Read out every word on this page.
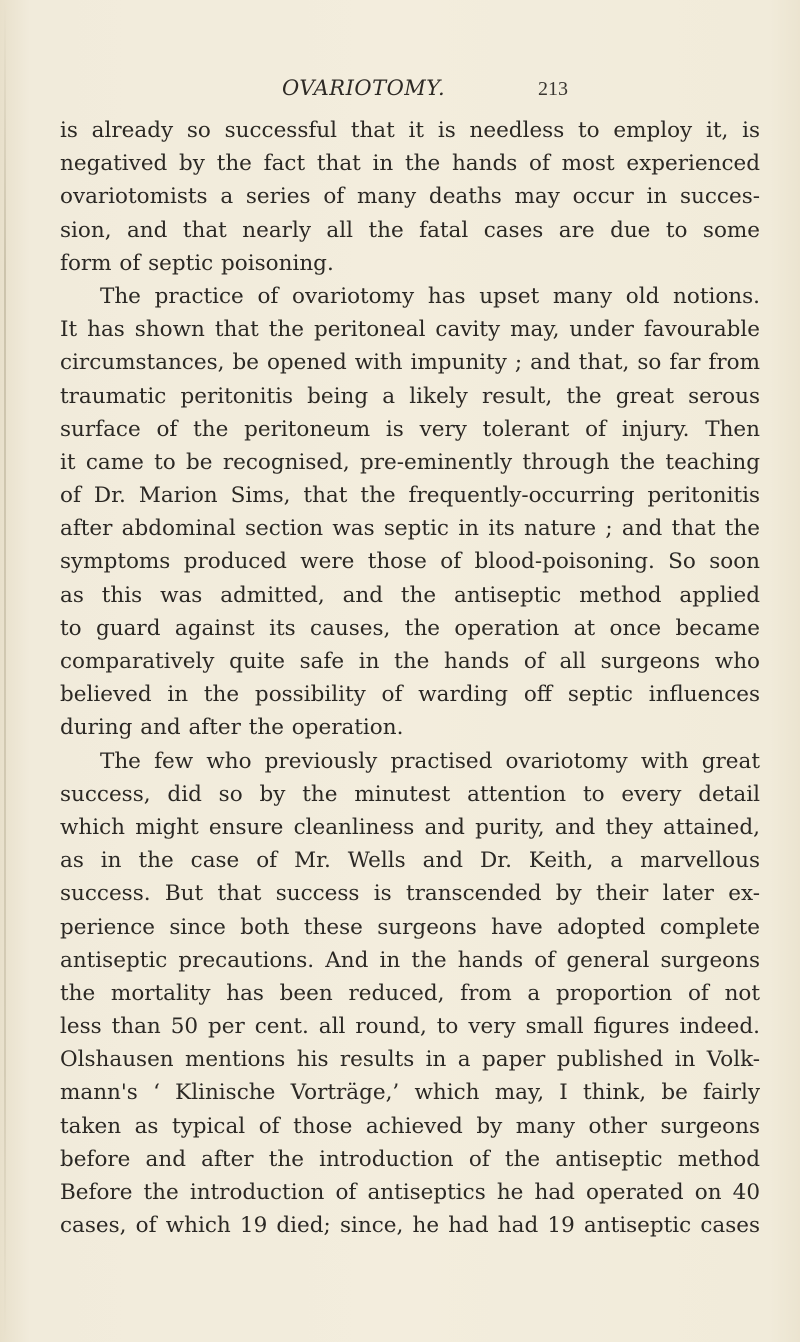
OVARIOTOMY.	213
is already so successful that it is needless to employ it, is
negatived by the fact that in the hands of most experienced
ovariotomists a series of many deaths may occur in succes-
sion, and that nearly all the fatal cases are due to some
form of septic poisoning.
The practice of ovariotomy has upset many old notions.
It has shown that the peritoneal cavity may, under favourable
circumstances, be opened with impunity ; and that, so far from
traumatic peritonitis being a likely result, the great serous
surface of the peritoneum is very tolerant of injury. Then
it came to be recognised, pre-eminently through the teaching
of Dr. Marion Sims, that the frequently-occurring peritonitis
after abdominal section was septic in its nature ; and that the
symptoms produced were those of blood-poisoning. So soon
as this was admitted, and the antiseptic method applied
to guard against its causes, the operation at once became
comparatively quite safe in the hands of all surgeons who
believed in the possibility of warding off septic influences
during and after the operation.
The few who previously practised ovariotomy with great
success, did so by the minutest attention to every detail
which might ensure cleanliness and purity, and they attained,
as in the case of Mr. Wells and Dr. Keith, a marvellous
success. But that success is transcended by their later ex-
perience since both these surgeons have adopted complete
antiseptic precautions. And in the hands of general surgeons
the mortality has been reduced, from a proportion of not
less than 50 per cent. all round, to very small figures indeed.
Olshausen mentions his results in a paper published in Volk-
mann's ‘ Klinische Vorträge,’ which may, I think, be fairly
taken as typical of those achieved by many other surgeons
before and after the introduction of the antiseptic method
Before the introduction of antiseptics he had operated on 40
cases, of which 19 died; since, he had had 19 antiseptic cases
